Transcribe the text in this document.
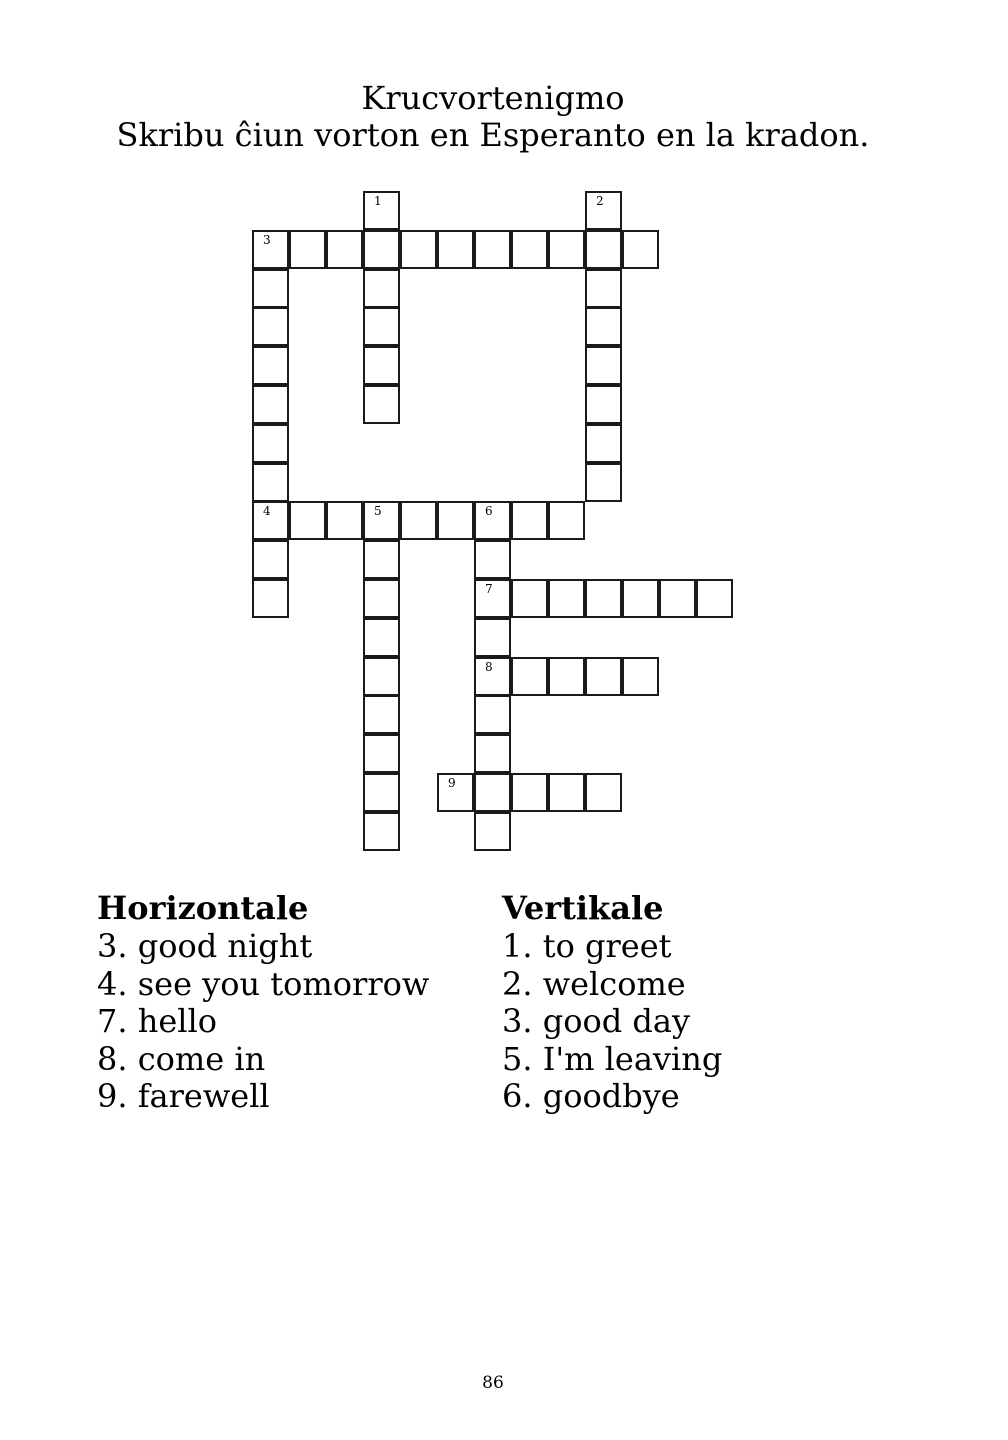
Krucvortenigmo
Skribu ĉiun vorton en Esperanto en la kradon.
1	2
3
4	5	6
7
8
9
Horizontale
3. good night
4. see you tomorrow
7. hello
8. come in
9. farewell
Vertikale
1. to greet
2. welcome
3. good day
5. I'm leaving
6. goodbye
86
